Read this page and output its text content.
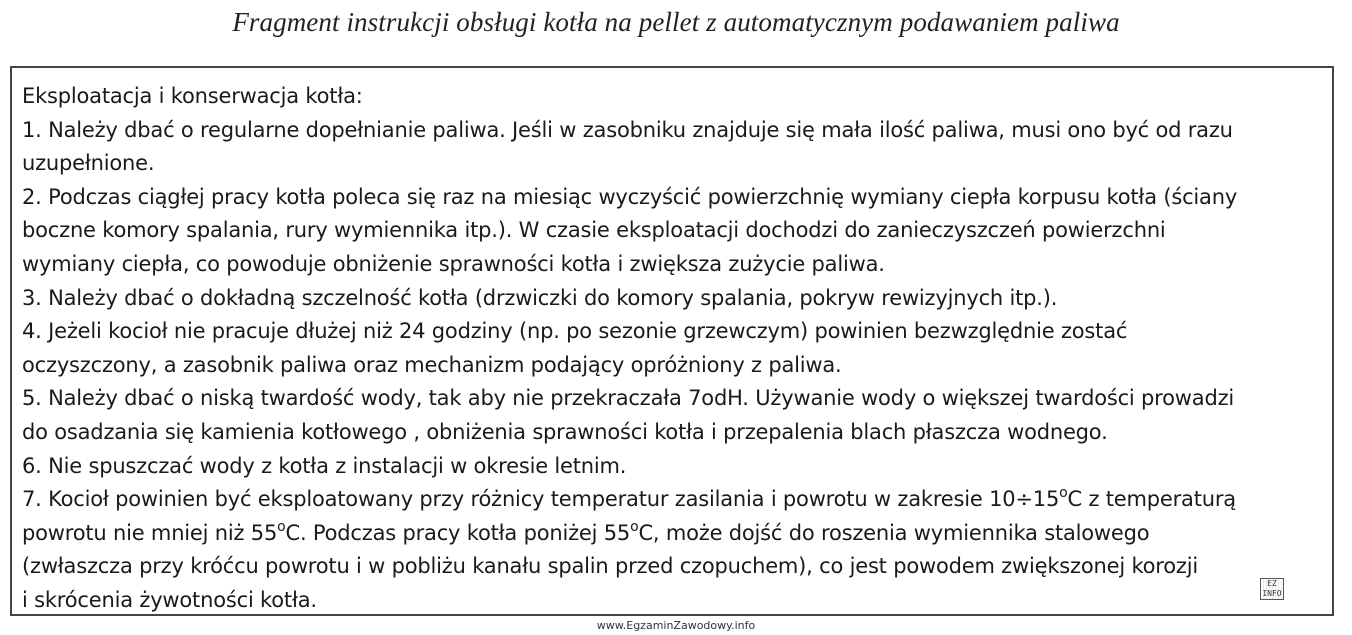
Fragment instrukcji obsługi kotła na pellet z automatycznym podawaniem paliwa
Eksploatacja i konserwacja kotła:
1. Należy dbać o regularne dopełnianie paliwa. Jeśli w zasobniku znajduje się mała ilość paliwa, musi ono być od razu
uzupełnione.
2. Podczas ciągłej pracy kotła poleca się raz na miesiąc wyczyścić powierzchnię wymiany ciepła korpusu kotła (ściany
boczne komory spalania, rury wymiennika itp.). W czasie eksploatacji dochodzi do zanieczyszczeń powierzchni
wymiany ciepła, co powoduje obniżenie sprawności kotła i zwiększa zużycie paliwa.
3. Należy dbać o dokładną szczelność kotła (drzwiczki do komory spalania, pokryw rewizyjnych itp.).
4. Jeżeli kocioł nie pracuje dłużej niż 24 godziny (np. po sezonie grzewczym) powinien bezwzględnie zostać
oczyszczony, a zasobnik paliwa oraz mechanizm podający opróżniony z paliwa.
5. Należy dbać o niską twardość wody, tak aby nie przekraczała 7odH. Używanie wody o większej twardości prowadzi
do osadzania się kamienia kotłowego , obniżenia sprawności kotła i przepalenia blach płaszcza wodnego.
6. Nie spuszczać wody z kotła z instalacji w okresie letnim.
7. Kocioł powinien być eksploatowany przy różnicy temperatur zasilania i powrotu w zakresie $10\div 15^oC$ z temperaturą
powrotu nie mniej niż 55$^o$C. Podczas pracy kotła poniżej 55$^o$C, może dojść do roszenia wymiennika stalowego
(zwłaszcza przy króćcu powrotu i w pobliżu kanału spalin przed czopuchem), co jest powodem zwiększonej korozji
i skrócenia żywotności kotła.
EZ INFO
www.EgzaminZawodowy.info
